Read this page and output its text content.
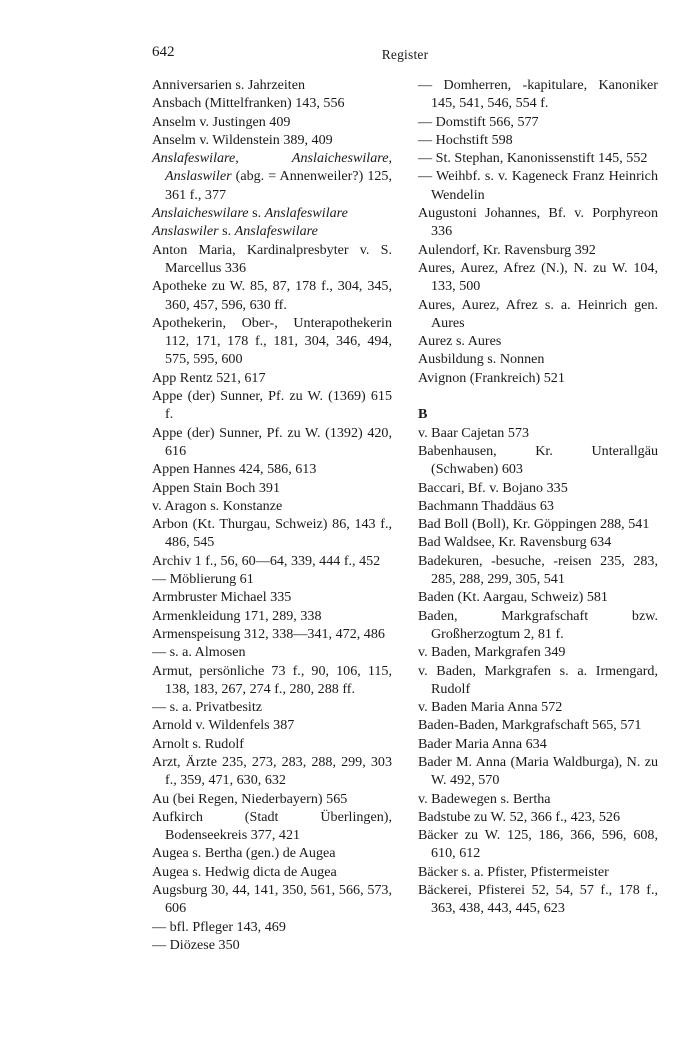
642	Register
Anniversarien s. Jahrzeiten
Ansbach (Mittelfranken) 143, 556
Anselm v. Justingen 409
Anselm v. Wildenstein 389, 409
Anslafeswilare, Anslaicheswilare, Anslaswiler (abg. = Annenweiler?) 125, 361 f., 377
Anslaicheswilare s. Anslafeswilare
Anslaswiler s. Anslafeswilare
Anton Maria, Kardinalpresbyter v. S. Marcellus 336
Apotheke zu W. 85, 87, 178 f., 304, 345, 360, 457, 596, 630 ff.
Apothekerin, Ober-, Unterapothekerin 112, 171, 178 f., 181, 304, 346, 494, 575, 595, 600
App Rentz 521, 617
Appe (der) Sunner, Pf. zu W. (1369) 615 f.
Appe (der) Sunner, Pf. zu W. (1392) 420, 616
Appen Hannes 424, 586, 613
Appen Stain Boch 391
v. Aragon s. Konstanze
Arbon (Kt. Thurgau, Schweiz) 86, 143 f., 486, 545
Archiv 1 f., 56, 60—64, 339, 444 f., 452
— Möblierung 61
Armbruster Michael 335
Armenkleidung 171, 289, 338
Armenspeisung 312, 338—341, 472, 486
— s. a. Almosen
Armut, persönliche 73 f., 90, 106, 115, 138, 183, 267, 274 f., 280, 288 ff.
— s. a. Privatbesitz
Arnold v. Wildenfels 387
Arnolt s. Rudolf
Arzt, Ärzte 235, 273, 283, 288, 299, 303 f., 359, 471, 630, 632
Au (bei Regen, Niederbayern) 565
Aufkirch (Stadt Überlingen), Bodenseekreis 377, 421
Augea s. Bertha (gen.) de Augea
Augea s. Hedwig dicta de Augea
Augsburg 30, 44, 141, 350, 561, 566, 573, 606
— bfl. Pfleger 143, 469
— Diözese 350
— Domherren, -kapitulare, Kanoniker 145, 541, 546, 554 f.
— Domstift 566, 577
— Hochstift 598
— St. Stephan, Kanonissenstift 145, 552
— Weihbf. s. v. Kageneck Franz Heinrich Wendelin
Augustoni Johannes, Bf. v. Porphyreon 336
Aulendorf, Kr. Ravensburg 392
Aures, Aurez, Afrez (N.), N. zu W. 104, 133, 500
Aures, Aurez, Afrez s. a. Heinrich gen. Aures
Aurez s. Aures
Ausbildung s. Nonnen
Avignon (Frankreich) 521
B
v. Baar Cajetan 573
Babenhausen, Kr. Unterallgäu (Schwaben) 603
Baccari, Bf. v. Bojano 335
Bachmann Thaddäus 63
Bad Boll (Boll), Kr. Göppingen 288, 541
Bad Waldsee, Kr. Ravensburg 634
Badekuren, -besuche, -reisen 235, 283, 285, 288, 299, 305, 541
Baden (Kt. Aargau, Schweiz) 581
Baden, Markgrafschaft bzw. Großherzogtum 2, 81 f.
v. Baden, Markgrafen 349
v. Baden, Markgrafen s. a. Irmengard, Rudolf
v. Baden Maria Anna 572
Baden-Baden, Markgrafschaft 565, 571
Bader Maria Anna 634
Bader M. Anna (Maria Waldburga), N. zu W. 492, 570
v. Badewegen s. Bertha
Badstube zu W. 52, 366 f., 423, 526
Bäcker zu W. 125, 186, 366, 596, 608, 610, 612
Bäcker s. a. Pfister, Pfistermeister
Bäckerei, Pfisterei 52, 54, 57 f., 178 f., 363, 438, 443, 445, 623
